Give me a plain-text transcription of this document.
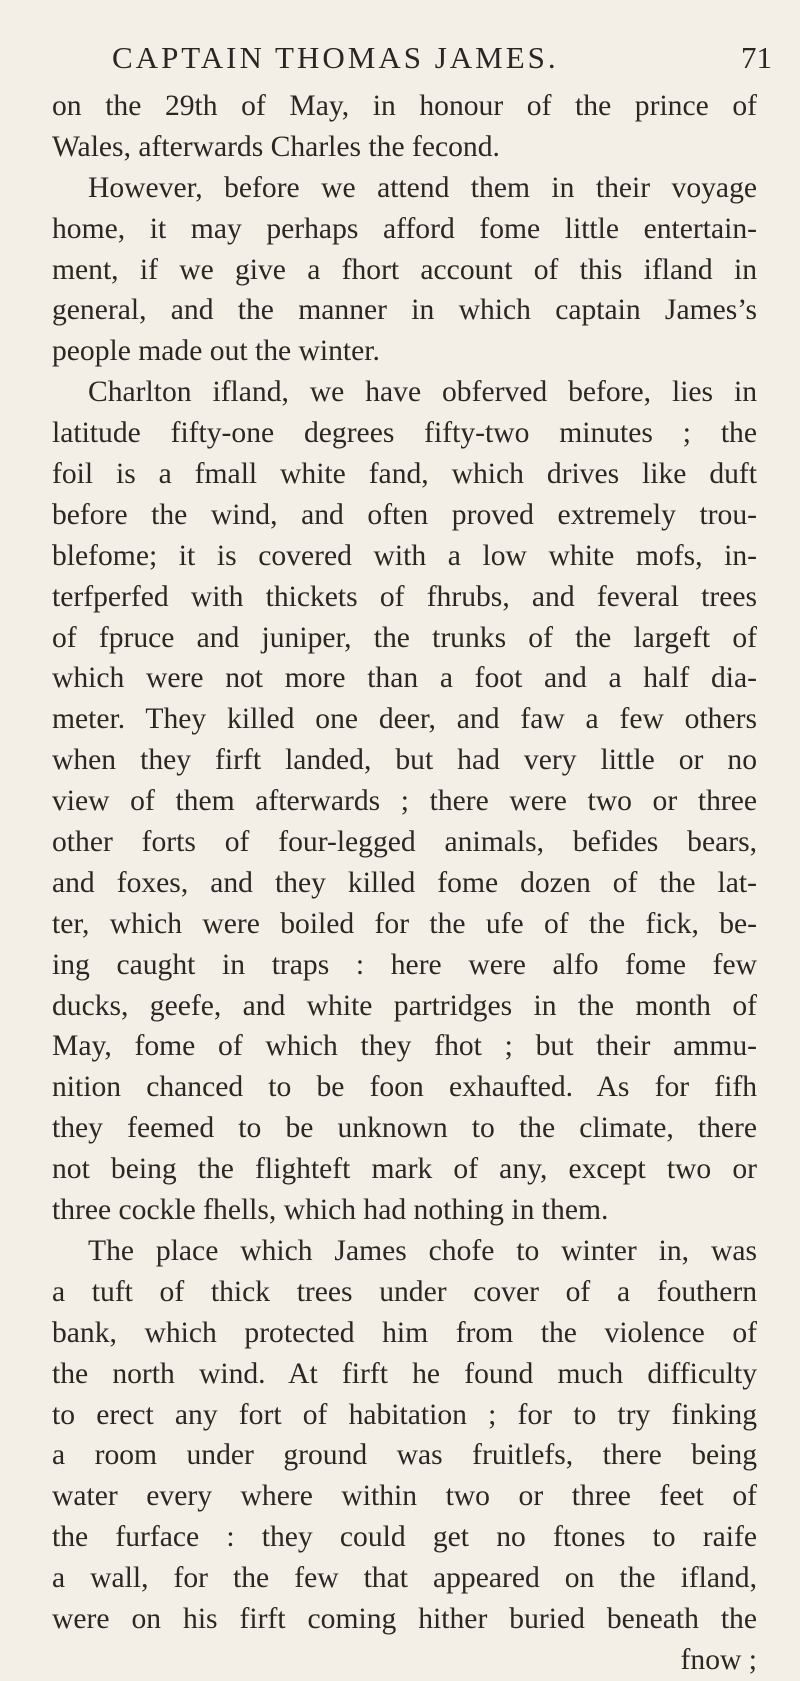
CAPTAIN THOMAS JAMES.	71
on the 29th of May, in honour of the prince of
Wales, afterwards Charles the fecond.
However, before we attend them in their voyage
home, it may perhaps afford fome little entertain-
ment, if we give a fhort account of this ifland in
general, and the manner in which captain James’s
people made out the winter.
Charlton ifland, we have obferved before, lies in
latitude fifty-one degrees fifty-two minutes ; the
foil is a fmall white fand, which drives like duft
before the wind, and often proved extremely trou-
blefome; it is covered with a low white mofs, in-
terfperfed with thickets of fhrubs, and feveral trees
of fpruce and juniper, the trunks of the largeft of
which were not more than a foot and a half dia-
meter. They killed one deer, and faw a few others
when they firft landed, but had very little or no
view of them afterwards ; there were two or three
other forts of four-legged animals, befides bears,
and foxes, and they killed fome dozen of the lat-
ter, which were boiled for the ufe of the fick, be-
ing caught in traps : here were alfo fome few
ducks, geefe, and white partridges in the month of
May, fome of which they fhot ; but their ammu-
nition chanced to be foon exhaufted. As for fifh
they feemed to be unknown to the climate, there
not being the flighteft mark of any, except two or
three cockle fhells, which had nothing in them.
The place which James chofe to winter in, was
a tuft of thick trees under cover of a fouthern
bank, which protected him from the violence of
the north wind. At firft he found much difficulty
to erect any fort of habitation ; for to try finking
a room under ground was fruitlefs, there being
water every where within two or three feet of
the furface : they could get no ftones to raife
a wall, for the few that appeared on the ifland,
were on his firft coming hither buried beneath the
fnow ;
